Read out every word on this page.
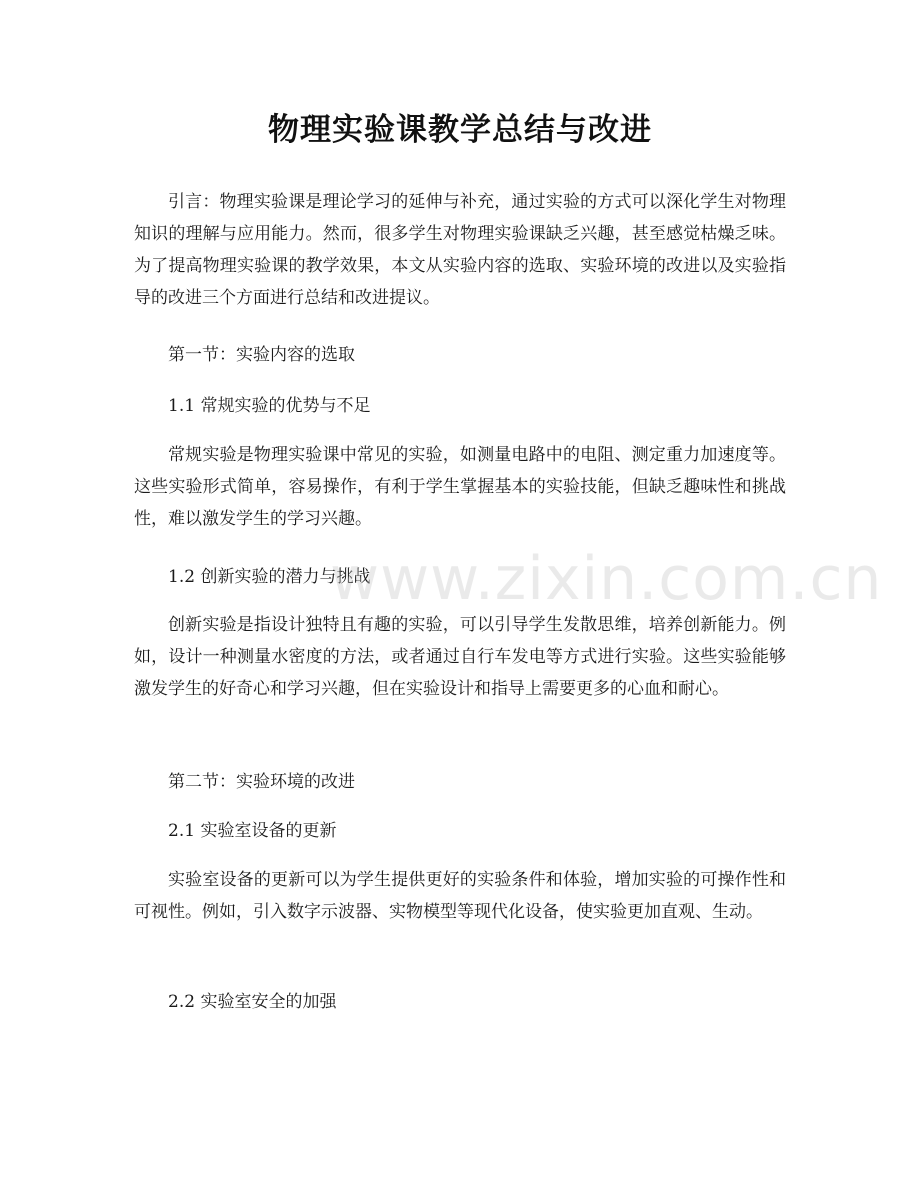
物理实验课教学总结与改进
引言：物理实验课是理论学习的延伸与补充，通过实验的方式可以深化学生对物理知识的理解与应用能力。然而，很多学生对物理实验课缺乏兴趣，甚至感觉枯燥乏味。为了提高物理实验课的教学效果，本文从实验内容的选取、实验环境的改进以及实验指导的改进三个方面进行总结和改进提议。
第一节：实验内容的选取
1.1 常规实验的优势与不足
常规实验是物理实验课中常见的实验，如测量电路中的电阻、测定重力加速度等。这些实验形式简单，容易操作，有利于学生掌握基本的实验技能，但缺乏趣味性和挑战性，难以激发学生的学习兴趣。
1.2 创新实验的潜力与挑战
创新实验是指设计独特且有趣的实验，可以引导学生发散思维，培养创新能力。例如，设计一种测量水密度的方法，或者通过自行车发电等方式进行实验。这些实验能够激发学生的好奇心和学习兴趣，但在实验设计和指导上需要更多的心血和耐心。
第二节：实验环境的改进
2.1 实验室设备的更新
实验室设备的更新可以为学生提供更好的实验条件和体验，增加实验的可操作性和可视性。例如，引入数字示波器、实物模型等现代化设备，使实验更加直观、生动。
2.2 实验室安全的加强
www.zixin.com.cn
